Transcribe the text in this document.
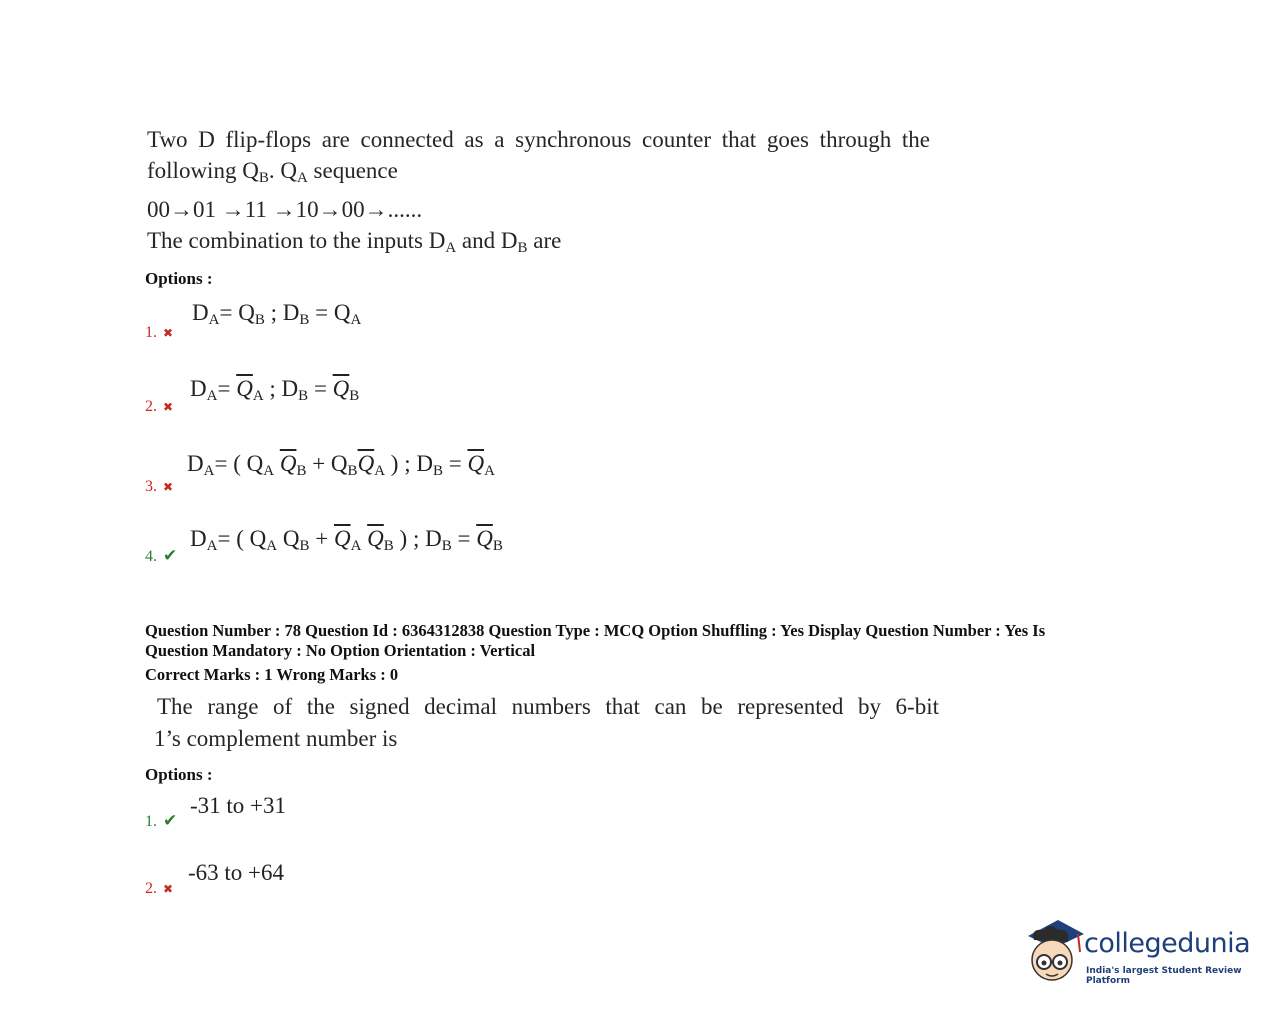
Two D flip-flops are connected as a synchronous counter that goes through the
following $Q_B$. $Q_A$ sequence
00→01 →11 →10→00→......
The combination to the inputs $D_A$ and $D_B$ are
Options :
$D_A= Q_B$ ; $D_B = Q_A$
1. ✖
$D_A= \overline{Q}_A$ ; $D_B = \overline{Q}_B$
2. ✖
$D_A=$ ( $Q_A$ $\overline{Q}_B + Q_B\overline{Q}_A$ ) ; $D_B = \overline{Q}_A$
3. ✖
$D_A=$ ( $Q_A$ $Q_B + \overline{Q}_A$ $\overline{Q}_B$ ) ; $D_B = \overline{Q}_B$
4. ✔
Question Number : 78 Question Id : 6364312838 Question Type : MCQ Option Shuffling : Yes Display Question Number : Yes Is
Question Mandatory : No Option Orientation : Vertical
Correct Marks : 1 Wrong Marks : 0
The range of the signed decimal numbers that can be represented by 6-bit
1’s complement number is
Options :
-31 to +31
1. ✔
-63 to +64
2. ✖
collegedunia
India's largest Student Review Platform
